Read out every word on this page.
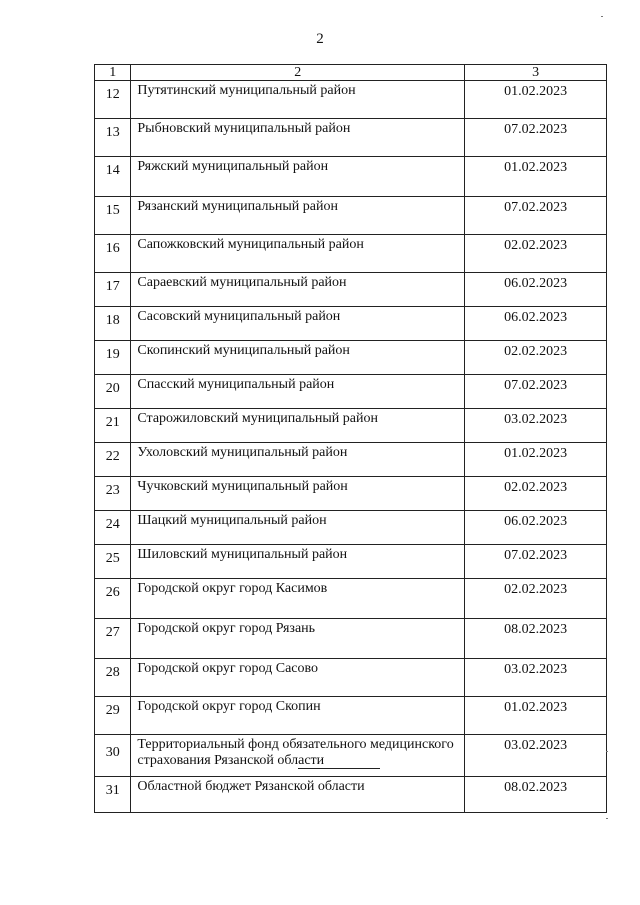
2
1	2	3
12	Путятинский муниципальный район	01.02.2023
13	Рыбновский муниципальный район	07.02.2023
14	Ряжский муниципальный район	01.02.2023
15	Рязанский муниципальный район	07.02.2023
16	Сапожковский муниципальный район	02.02.2023
17	Сараевский муниципальный район	06.02.2023
18	Сасовский муниципальный район	06.02.2023
19	Скопинский муниципальный район	02.02.2023
20	Спасский муниципальный район	07.02.2023
21	Старожиловский муниципальный район	03.02.2023
22	Ухоловский муниципальный район	01.02.2023
23	Чучковский муниципальный район	02.02.2023
24	Шацкий муниципальный район	06.02.2023
25	Шиловский муниципальный район	07.02.2023
26	Городской округ город Касимов	02.02.2023
27	Городской округ город Рязань	08.02.2023
28	Городской округ город Сасово	03.02.2023
29	Городской округ город Скопин	01.02.2023
30	Территориальный фонд обязательного медицинского страхования Рязанской области	03.02.2023
31	Областной бюджет Рязанской области	08.02.2023
